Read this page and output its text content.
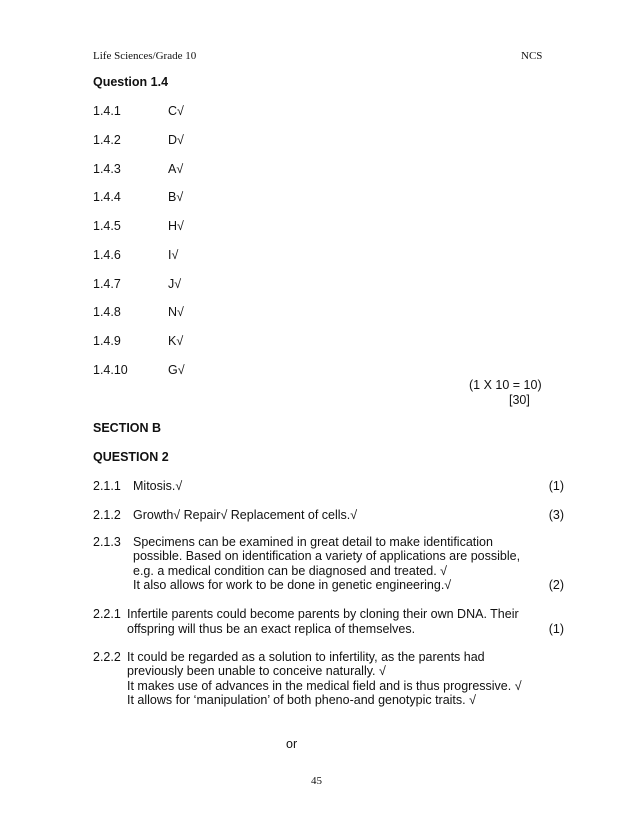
Life Sciences/Grade 10	NCS
Question 1.4
1.4.1	C√
1.4.2	D√
1.4.3	A√
1.4.4	B√
1.4.5	H√
1.4.6	I√
1.4.7	J√
1.4.8	N√
1.4.9	K√
1.4.10	G√
(1 X 10 = 10)
[30]
SECTION B
QUESTION 2
2.1.1 Mitosis.√	(1)
2.1.2 Growth√ Repair√ Replacement of cells.√	(3)
2.1.3 Specimens can be examined in great detail to make identification
possible. Based on identification a variety of applications are possible,
e.g. a medical condition can be diagnosed and treated. √
It also allows for work to be done in genetic engineering.√	(2)
2.2.1 Infertile parents could become parents by cloning their own DNA. Their
offspring will thus be an exact replica of themselves.	(1)
2.2.2 It could be regarded as a solution to infertility, as the parents had
previously been unable to conceive naturally. √
It makes use of advances in the medical field and is thus progressive. √
It allows for ‘manipulation’ of both pheno-and genotypic traits. √
or
45
